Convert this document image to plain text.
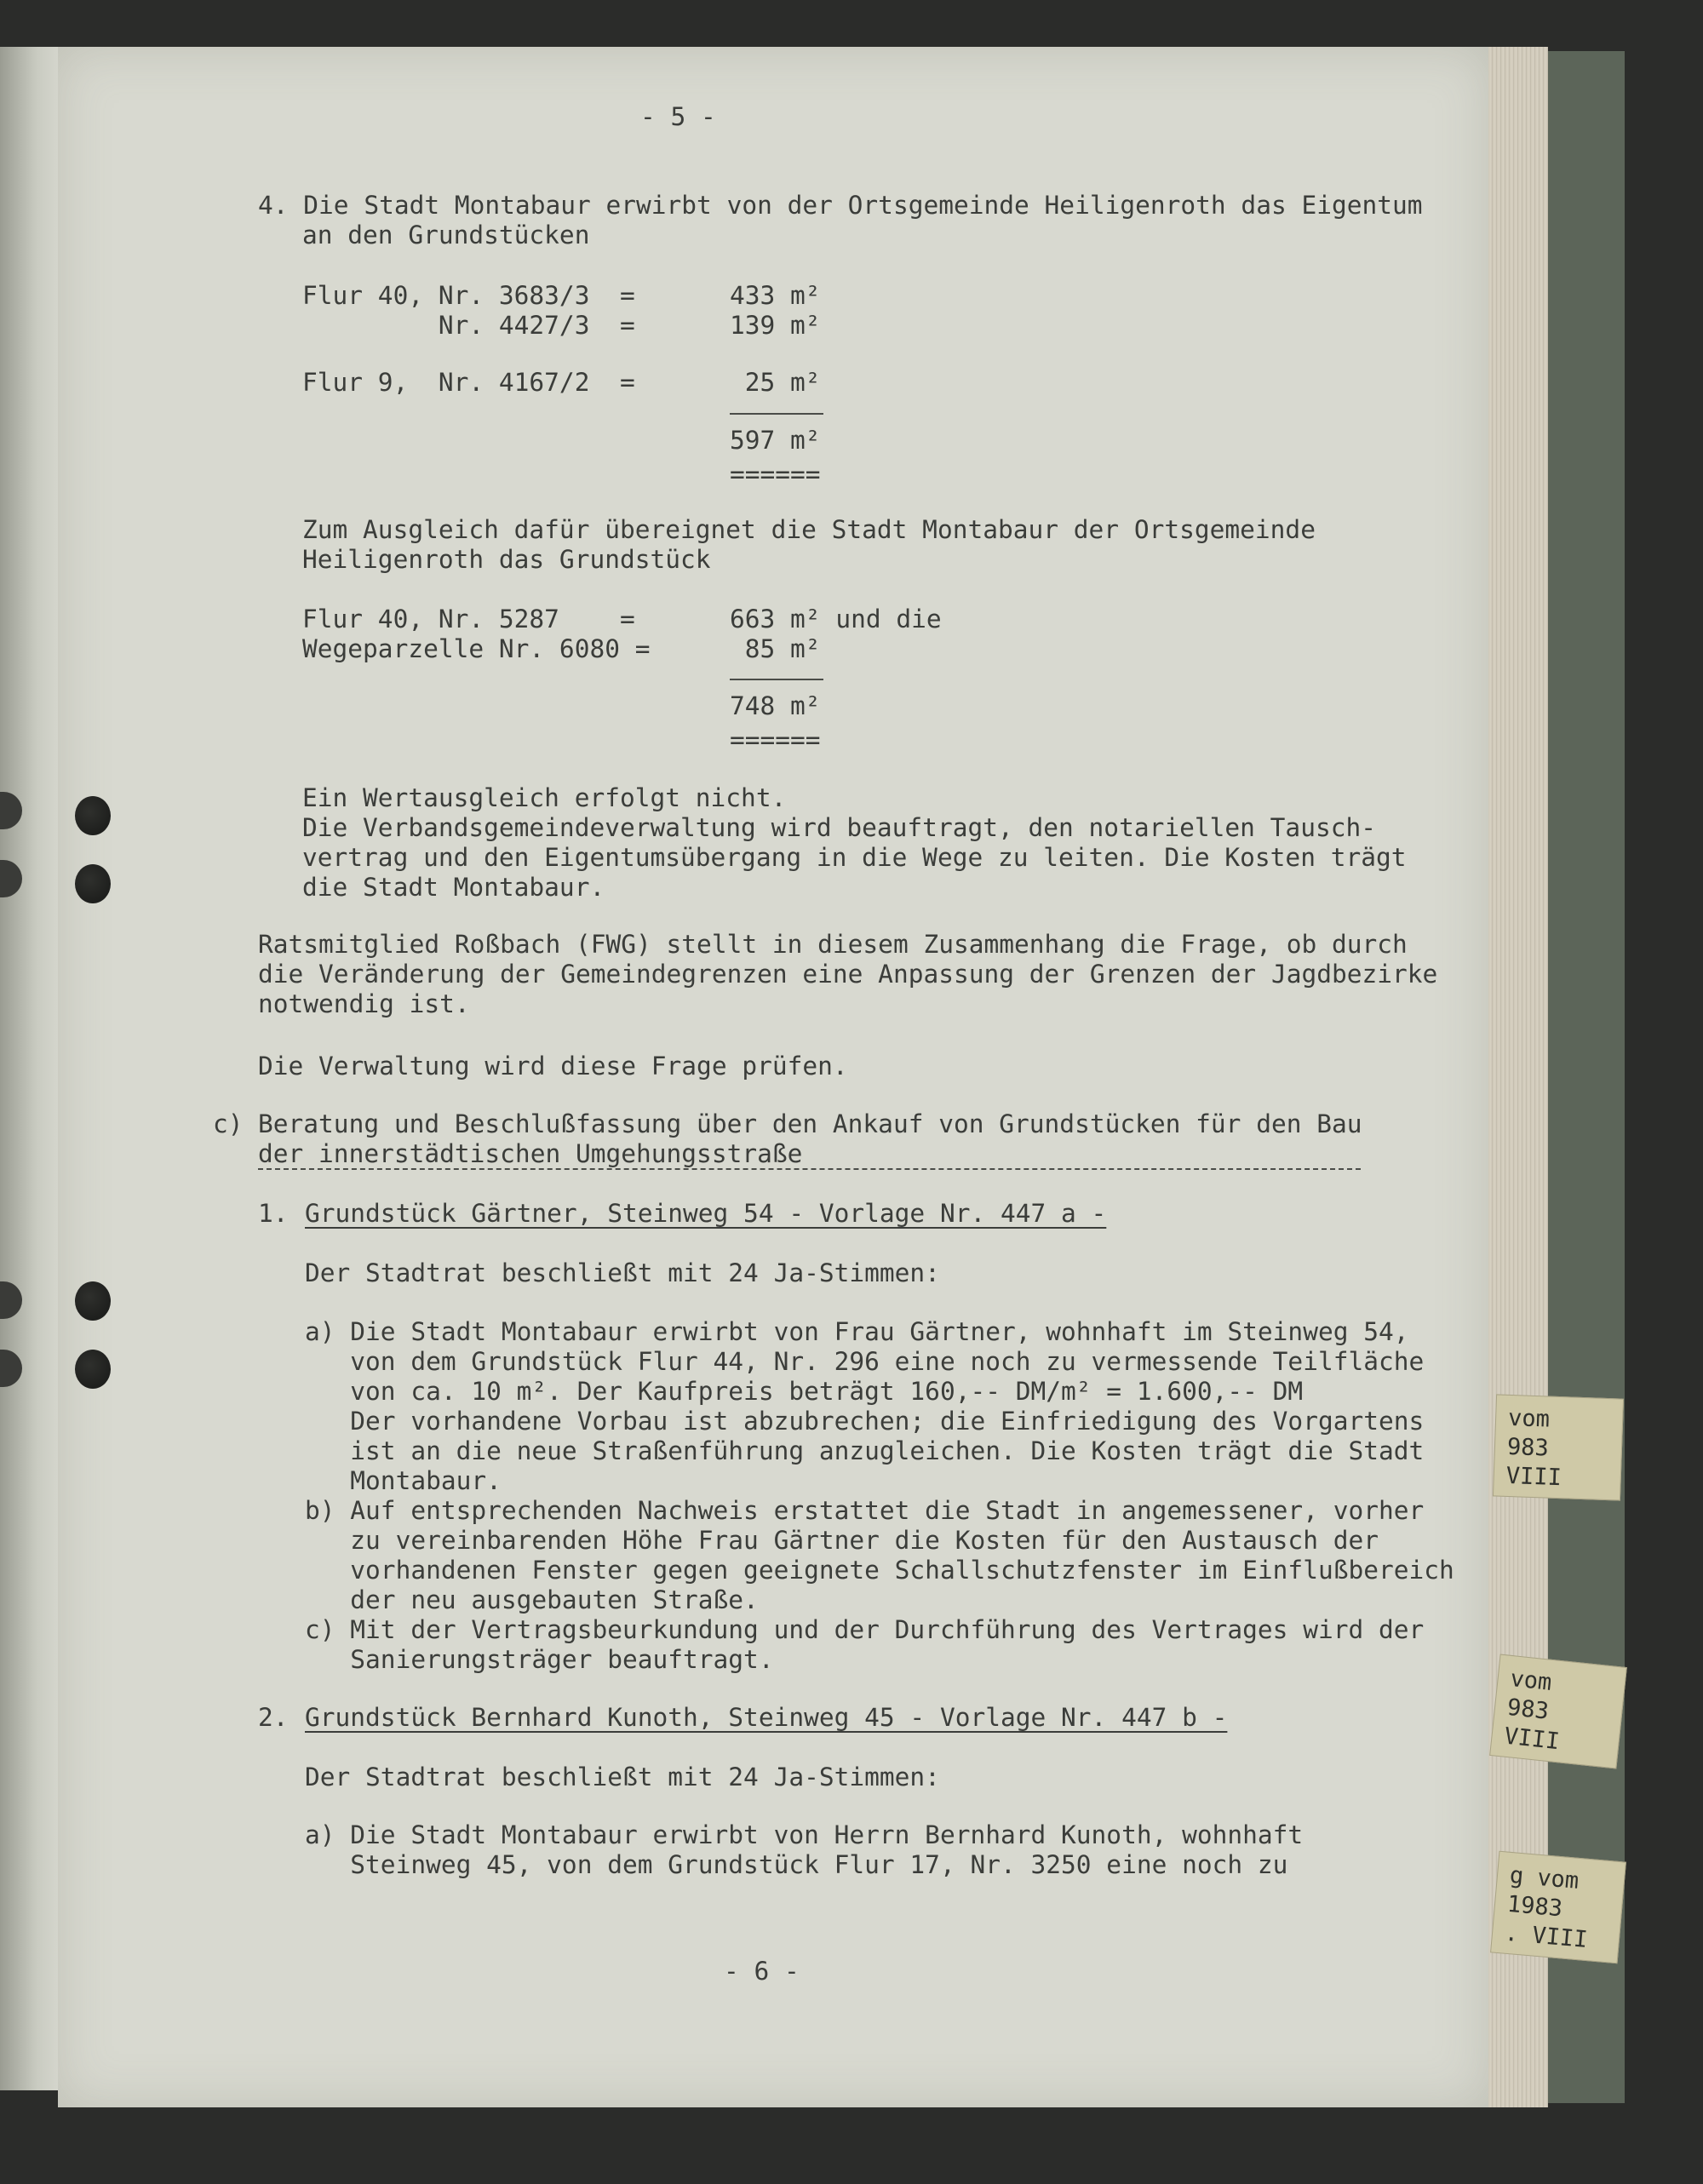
vom
983
VIII
vom
983
VIII
g vom
1983
. VIII
- 5 -
4. Die Stadt Montabaur erwirbt von der Ortsgemeinde Heiligenroth das Eigentum
an den Grundstücken
Flur 40, Nr. 3683/3  =	433 m²
Nr. 4427/3  =	139 m²
Flur 9,  Nr. 4167/2  =	25 m²
597 m²
======
Zum Ausgleich dafür übereignet die Stadt Montabaur der Ortsgemeinde
Heiligenroth das Grundstück
Flur 40, Nr. 5287    =	663 m² und die
Wegeparzelle Nr. 6080 =	85 m²
748 m²
======
Ein Wertausgleich erfolgt nicht.
Die Verbandsgemeindeverwaltung wird beauftragt, den notariellen Tausch-
vertrag und den Eigentumsübergang in die Wege zu leiten. Die Kosten trägt
die Stadt Montabaur.
Ratsmitglied Roßbach (FWG) stellt in diesem Zusammenhang die Frage, ob durch
die Veränderung der Gemeindegrenzen eine Anpassung der Grenzen der Jagdbezirke
notwendig ist.
Die Verwaltung wird diese Frage prüfen.
c) Beratung und Beschlußfassung über den Ankauf von Grundstücken für den Bau
der innerstädtischen Umgehungsstraße
1. Grundstück Gärtner, Steinweg 54 - Vorlage Nr. 447 a -
Der Stadtrat beschließt mit 24 Ja-Stimmen:
a) Die Stadt Montabaur erwirbt von Frau Gärtner, wohnhaft im Steinweg 54,
von dem Grundstück Flur 44, Nr. 296 eine noch zu vermessende Teilfläche
von ca. 10 m². Der Kaufpreis beträgt 160,-- DM/m² = 1.600,-- DM
Der vorhandene Vorbau ist abzubrechen; die Einfriedigung des Vorgartens
ist an die neue Straßenführung anzugleichen. Die Kosten trägt die Stadt
Montabaur.
b) Auf entsprechenden Nachweis erstattet die Stadt in angemessener, vorher
zu vereinbarenden Höhe Frau Gärtner die Kosten für den Austausch der
vorhandenen Fenster gegen geeignete Schallschutzfenster im Einflußbereich
der neu ausgebauten Straße.
c) Mit der Vertragsbeurkundung und der Durchführung des Vertrages wird der
Sanierungsträger beauftragt.
2. Grundstück Bernhard Kunoth, Steinweg 45 - Vorlage Nr. 447 b -
Der Stadtrat beschließt mit 24 Ja-Stimmen:
a) Die Stadt Montabaur erwirbt von Herrn Bernhard Kunoth, wohnhaft
Steinweg 45, von dem Grundstück Flur 17, Nr. 3250 eine noch zu
- 6 -
